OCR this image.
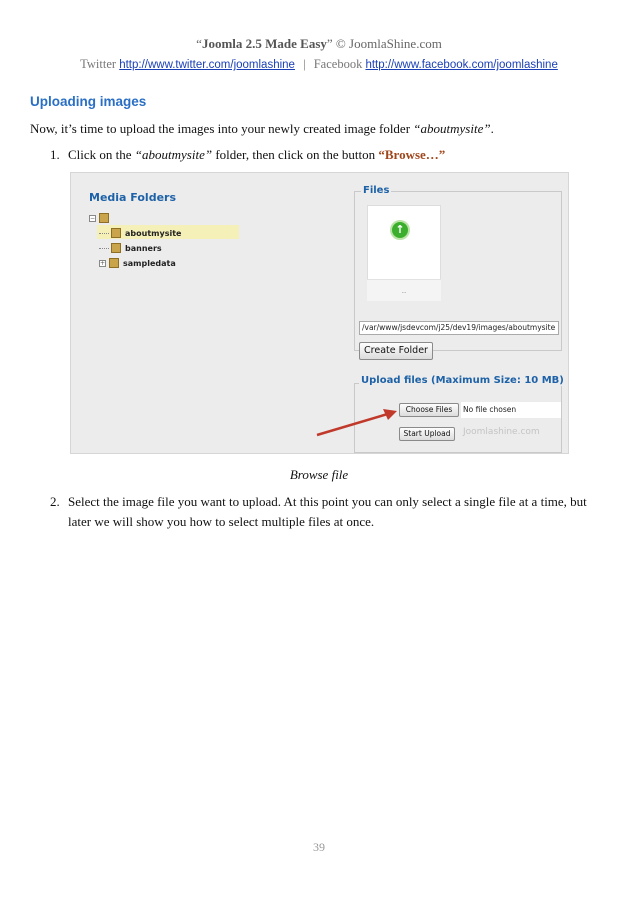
“Joomla 2.5 Made Easy” © JoomlaShine.com
Twitter http://www.twitter.com/joomlashine | Facebook http://www.facebook.com/joomlashine
Uploading images
Now, it’s time to upload the images into your newly created image folder “aboutmysite”.
1. Click on the “aboutmysite” folder, then click on the button “Browse…”
Media Folders
−
aboutmysite
banners
+ sampledata
Files
↑
..
/var/www/jsdevcom/j25/dev19/images/aboutmysite
Create Folder
Upload files (Maximum Size: 10 MB)
Choose Files	No file chosen
Start Upload	Joomlashine.com
Browse file
2. Select the image file you want to upload. At this point you can only select a single file at a time, but
later we will show you how to select multiple files at once.
39
